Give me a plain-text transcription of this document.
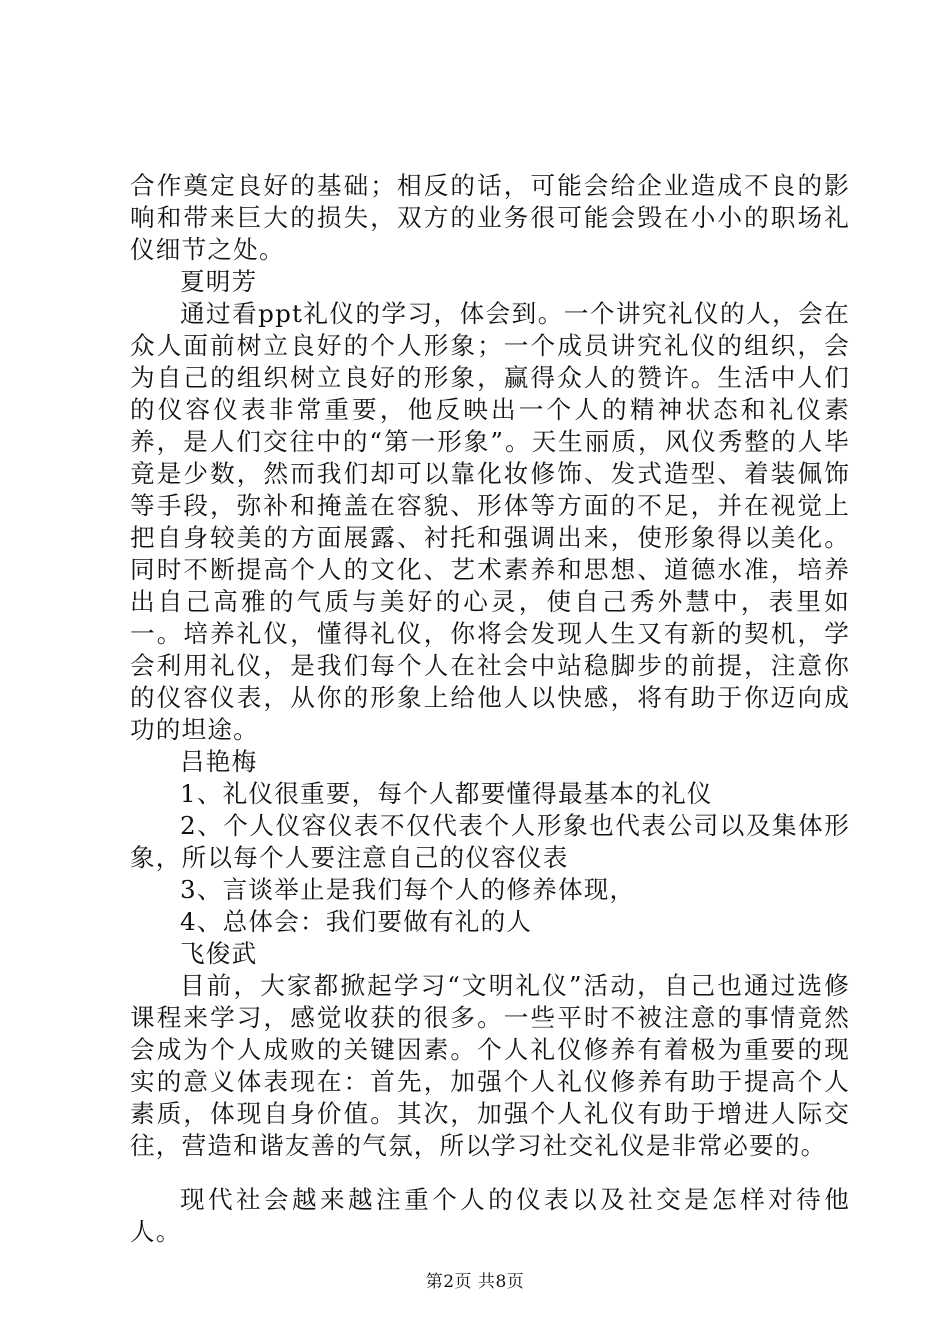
合作奠定良好的基础；相反的话，可能会给企业造成不良的影响和带来巨大的损失，双方的业务很可能会毁在小小的职场礼仪细节之处。

夏明芳

通过看ppt礼仪的学习，体会到。一个讲究礼仪的人，会在众人面前树立良好的个人形象；一个成员讲究礼仪的组织，会为自己的组织树立良好的形象，赢得众人的赞许。生活中人们的仪容仪表非常重要，他反映出一个人的精神状态和礼仪素养，是人们交往中的“第一形象”。天生丽质，风仪秀整的人毕竟是少数，然而我们却可以靠化妆修饰、发式造型、着装佩饰等手段，弥补和掩盖在容貌、形体等方面的不足，并在视觉上把自身较美的方面展露、衬托和强调出来，使形象得以美化。同时不断提高个人的文化、艺术素养和思想、道德水准，培养出自己高雅的气质与美好的心灵，使自己秀外慧中，表里如一。培养礼仪，懂得礼仪，你将会发现人生又有新的契机，学会利用礼仪，是我们每个人在社会中站稳脚步的前提，注意你的仪容仪表，从你的形象上给他人以快感，将有助于你迈向成功的坦途。

吕艳梅

1、礼仪很重要，每个人都要懂得最基本的礼仪

2、个人仪容仪表不仅代表个人形象也代表公司以及集体形象，所以每个人要注意自己的仪容仪表

3、言谈举止是我们每个人的修养体现，

4、总体会：我们要做有礼的人

飞俊武

目前，大家都掀起学习“文明礼仪”活动，自己也通过选修课程来学习，感觉收获的很多。一些平时不被注意的事情竟然会成为个人成败的关键因素。个人礼仪修养有着极为重要的现实的意义体表现在：首先，加强个人礼仪修养有助于提高个人素质，体现自身价值。其次，加强个人礼仪有助于增进人际交往，营造和谐友善的气氛，所以学习社交礼仪是非常必要的。

现代社会越来越注重个人的仪表以及社交是怎样对待他人。

第2页 共8页
